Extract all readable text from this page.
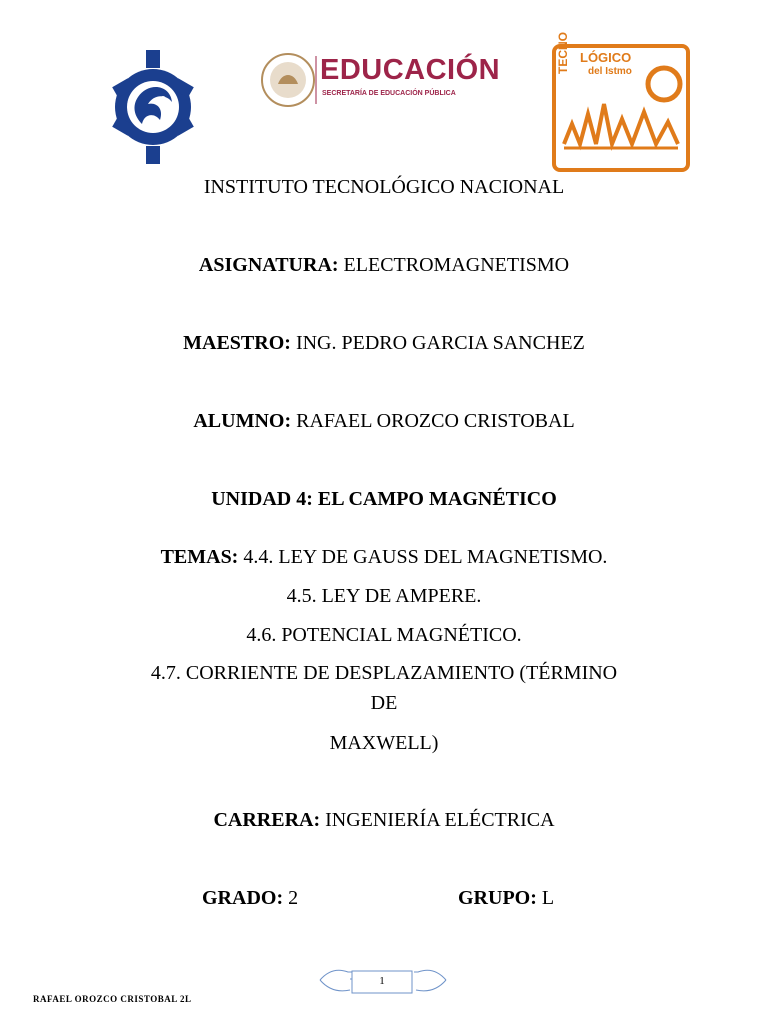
EDUCACIÓN
SECRETARÍA DE EDUCACIÓN PÚBLICA
TECNO LÓGICO
del Istmo
INSTITUTO TECNOLÓGICO NACIONAL
ASIGNATURA: ELECTROMAGNETISMO
MAESTRO: ING. PEDRO GARCIA SANCHEZ
ALUMNO: RAFAEL OROZCO CRISTOBAL
UNIDAD 4: EL CAMPO MAGNÉTICO
TEMAS: 4.4. LEY DE GAUSS DEL MAGNETISMO.
4.5. LEY DE AMPERE.
4.6. POTENCIAL MAGNÉTICO.
4.7. CORRIENTE DE DESPLAZAMIENTO (TÉRMINO
DE
MAXWELL)
CARRERA: INGENIERÍA ELÉCTRICA
GRADO: 2	GRUPO: L
1
RAFAEL OROZCO CRISTOBAL 2L
